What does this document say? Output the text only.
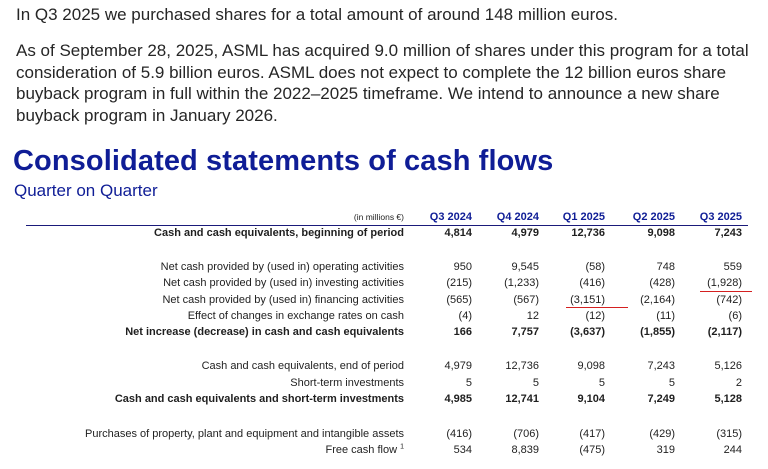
In Q3 2025 we purchased shares for a total amount of around 148 million euros.

As of September 28, 2025, ASML has acquired 9.0 million of shares under this program for a total consideration of 5.9 billion euros. ASML does not expect to complete the 12 billion euros share buyback program in full within the 2022–2025 timeframe. We intend to announce a new share buyback program in January 2026.

Consolidated statements of cash flows
Quarter on Quarter
(in millions €)	Q3 2024	Q4 2024	Q1 2025	Q2 2025	Q3 2025
Cash and cash equivalents, beginning of period	4,814	4,979	12,736	9,098	7,243
Net cash provided by (used in) operating activities	950	9,545	(58)	748	559
Net cash provided by (used in) investing activities	(215)	(1,233)	(416)	(428)	(1,928)
Net cash provided by (used in) financing activities	(565)	(567)	(3,151)	(2,164)	(742)
Effect of changes in exchange rates on cash	(4)	12	(12)	(11)	(6)
Net increase (decrease) in cash and cash equivalents	166	7,757	(3,637)	(1,855)	(2,117)
Cash and cash equivalents, end of period	4,979	12,736	9,098	7,243	5,126
Short-term investments	5	5	5	5	2
Cash and cash equivalents and short-term investments	4,985	12,741	9,104	7,249	5,128
Purchases of property, plant and equipment and intangible assets	(416)	(706)	(417)	(429)	(315)
Free cash flow $^1$	534	8,839	(475)	319	244
